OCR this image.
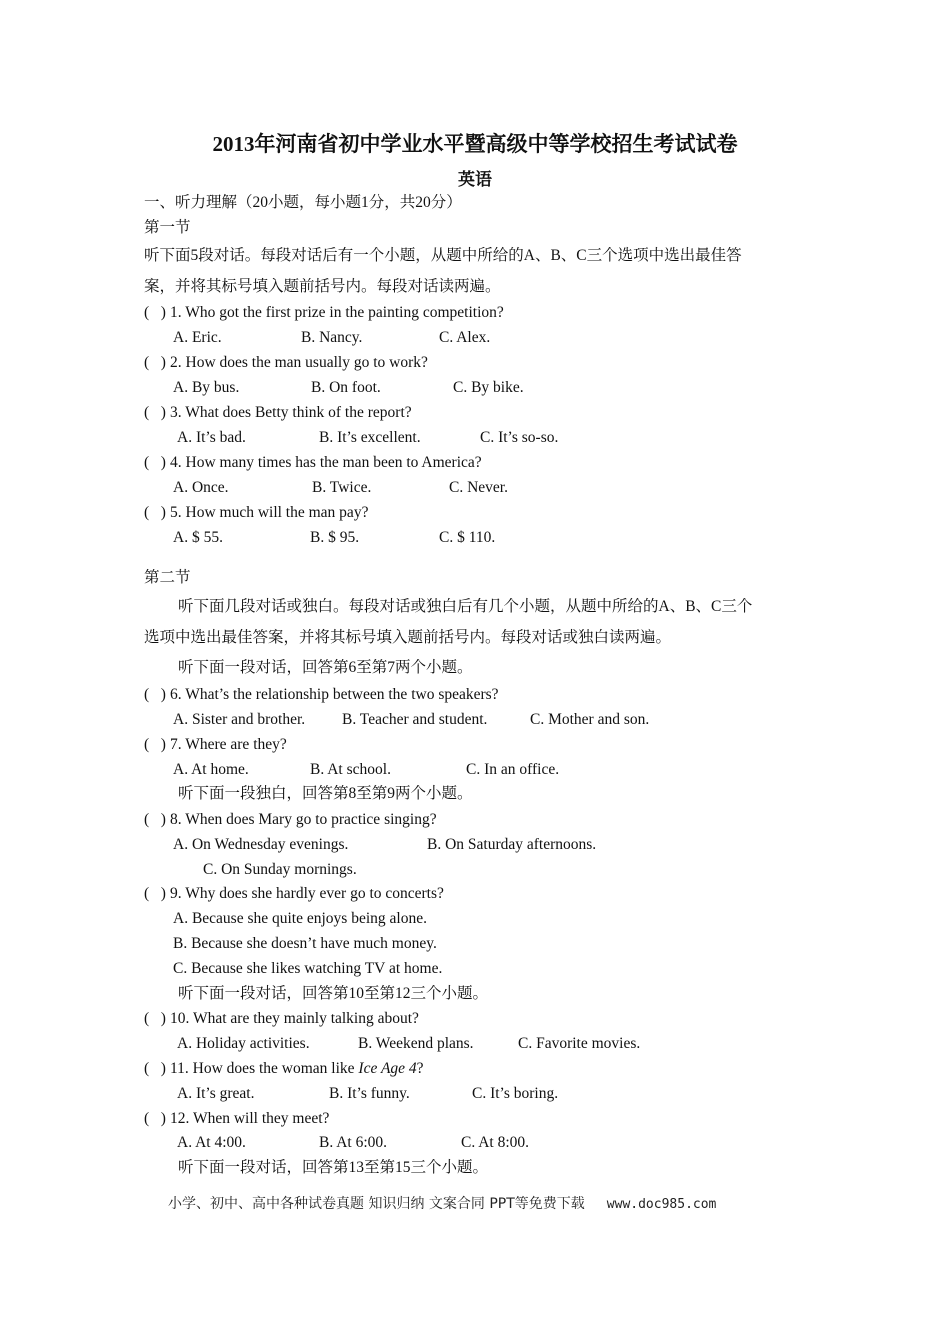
2013年河南省初中学业水平暨高级中等学校招生考试试卷
英语
一、听力理解（20小题，每小题1分，共20分）
第一节
听下面5段对话。每段对话后有一个小题，从题中所给的A、B、C三个选项中选出最佳答
案，并将其标号填入题前括号内。每段对话读两遍。
(   ) 1. Who got the first prize in the painting competition?
A. Eric.	B. Nancy.	C. Alex.
(   ) 2. How does the man usually go to work?
A. By bus.	B. On foot.	C. By bike.
(   ) 3. What does Betty think of the report?
A. It’s bad.	B. It’s excellent.	C. It’s so-so.
(   ) 4. How many times has the man been to America?
A. Once.	B. Twice.	C. Never.
(   ) 5. How much will the man pay?
A. $ 55.	B. $ 95.	C. $ 110.
第二节
听下面几段对话或独白。每段对话或独白后有几个小题，从题中所给的A、B、C三个
选项中选出最佳答案，并将其标号填入题前括号内。每段对话或独白读两遍。
听下面一段对话，回答第6至第7两个小题。
(   ) 6. What’s the relationship between the two speakers?
A. Sister and brother. B. Teacher and student.	C. Mother and son.
(   ) 7. Where are they?
A. At home.	B. At school.	C. In an office.
听下面一段独白，回答第8至第9两个小题。
(   ) 8. When does Mary go to practice singing?
A. On Wednesday evenings.	B. On Saturday afternoons.
C. On Sunday mornings.
(   ) 9. Why does she hardly ever go to concerts?
A. Because she quite enjoys being alone.
B. Because she doesn’t have much money.
C. Because she likes watching TV at home.
听下面一段对话，回答第10至第12三个小题。
(   ) 10. What are they mainly talking about?
A. Holiday activities.	B. Weekend plans.	C. Favorite movies.
(   ) 11. How does the woman like Ice Age 4?
A. It’s great.	B. It’s funny.	C. It’s boring.
(   ) 12. When will they meet?
A. At 4:00.	B. At 6:00.	C. At 8:00.
听下面一段对话，回答第13至第15三个小题。
小学、初中、高中各种试卷真题 知识归纳 文案合同 PPT等免费下载 www.doc985.com
